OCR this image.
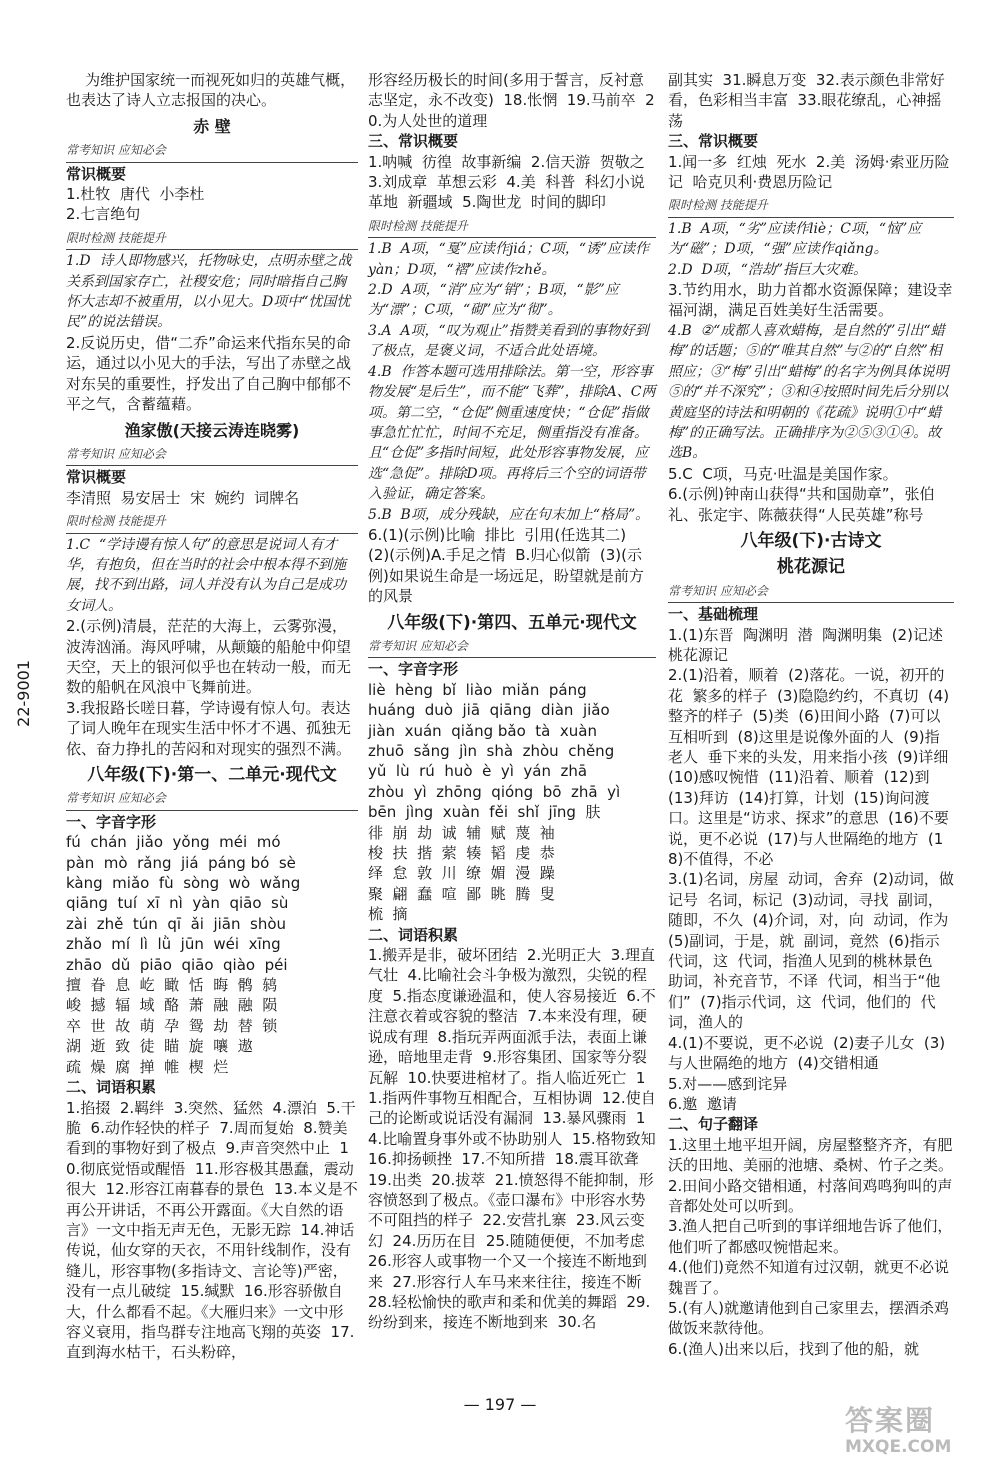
22-9001
为维护国家统一而视死如归的英雄气概，也表达了诗人立志报国的决心。
赤 壁
常考知识 应知必会
常识概要
1.杜牧  唐代  小李杜
2.七言绝句
限时检测 技能提升
1.D  诗人即物感兴，托物咏史，点明赤壁之战关系到国家存亡，社稷安危；同时暗指自己胸怀大志却不被重用，以小见大。D项中“忧国忧民”的说法错误。
2.反说历史，借“二乔”命运来代指东吴的命运，通过以小见大的手法，写出了赤壁之战对东吴的重要性，抒发出了自己胸中郁郁不平之气，含蓄蕴藉。
渔家傲(天接云涛连晓雾)
常考知识 应知必会
常识概要
李清照  易安居士  宋  婉约  词牌名
限时检测 技能提升
1.C  “学诗谩有惊人句”的意思是说词人有才华，有抱负，但在当时的社会中根本得不到施展，找不到出路，词人并没有认为自己是成功女词人。
2.(示例)清晨，茫茫的大海上，云雾弥漫，波涛汹涌。海风呼啸，从颠簸的船舱中仰望天空，天上的银河似乎也在转动一般，而无数的船帆在风浪中飞舞前进。
3.我报路长嗟日暮，学诗谩有惊人句。表达了词人晚年在现实生活中怀才不遇、孤独无依、奋力挣扎的苦闷和对现实的强烈不满。
八年级(下)·第一、二单元·现代文
常考知识 应知必会
一、字音字形
fú  chán  jiǎo  yǒng  méi  mó
pàn  mò  rǎng  jiá  páng bó  sè
kàng  miǎo  fù  sòng  wò  wǎng
qiāng  tuí  xī  nì  yàn  qiāo  sù
zài  zhě  tún  qī  ǎi  jiān  shòu
zhǎo  mí  lì  lǜ  jūn  wéi  xīng
zhāo  dǔ  piāo  qiāo  qiào  péi
擅  眷  息  屹  瞰  恬  晦  鹘  鸫
峻  撼  辐  域  酪  萧  融  融  陨
卒  世  故  萌  孕  鸳  劫  替  锁
湖  逝  致  徒  瞄  旋  嚷  遨
疏  燥  腐  掸  帷  楔  烂
二、词语积累
1.掐掇  2.羁绊  3.突然、猛然  4.漂泊  5.干脆  6.动作轻快的样子  7.周而复始  8.赞美看到的事物好到了极点  9.声音突然中止  10.彻底觉悟或醒悟  11.形容极其愚蠢，震动很大  12.形容江南暮春的景色  13.本义是不再公开讲话，不再公开露面。《大自然的语言》一文中指无声无色，无影无踪  14.神话传说，仙女穿的天衣，不用针线制作，没有缝儿，形容事物(多指诗文、言论等)严密，没有一点儿破绽  15.缄默  16.形容骄傲自大，什么都看不起。《大雁归来》一文中形容义衰用，指鸟群专注地高飞翔的英姿  17.直到海水枯干，石头粉碎，
形容经历极长的时间(多用于誓言，反衬意志坚定，永不改变)  18.怅惘  19.马前卒  20.为人处世的道理
三、常识概要
1.呐喊  彷徨  故事新编  2.信天游  贺敬之  3.刘成章  革想云彩  4.美  科普  科幻小说  革地  新疆域  5.陶世龙  时间的脚印
限时检测 技能提升
1.B  A项，“戛”应读作jiá；C项，“诱”应读作yàn；D项，“褶”应读作zhě。
2.D  A项，“消”应为“销”；B项，“影”应为“漂”；C项，“砌”应为“彻”。
3.A  A项，“叹为观止”指赞美看到的事物好到了极点，是褒义词，不适合此处语境。
4.B  作答本题可选用排除法。第一空，形容事物发展“是后生”，而不能“飞葬”，排除A、C两项。第二空，“仓促”侧重速度快；“仓促”指做事急忙忙忙，时间不充足，侧重指没有准备。且“仓促”多指时间短，此处形容事物发展，应选“急促”。排除D项。再将后三个空的词语带入验证，确定答案。
5.B  B项，成分残缺，应在句末加上“格局”。
6.(1)(示例)比喻  排比  引用(任选其二)  (2)(示例)A.手足之情  B.归心似箭  (3)(示例)如果说生命是一场远足，盼望就是前方的风景
八年级(下)·第四、五单元·现代文
常考知识 应知必会
一、字音字形
liè  hèng  bǐ  liào  miǎn  páng
huáng  duò  jiā  qiāng  diàn  jiǎo
jiàn  xuán  qiǎng bǎo  tà  xuàn
zhuō  sǎng  jìn  shà  zhòu  chěng
yǔ  lù  rú  huò  è  yì  yán  zhā
zhòu  yì  zhōng  qióng  bō  zhā  yì
bēn  jìng  xuàn  fěi  shǐ  jīng  肤
徘  崩  劫  诚  辅  赋  蔑  袖
梭  扶  揩  萦  辏  韬  虔  恭
绎  怠  敦  川  缭  媚  漫  躁
聚  翩  蠢  喧  鄙  眺  腾  叟
梳  摘
二、词语积累
1.搬弄是非，破坏团结  2.光明正大  3.理直气壮  4.比喻社会斗争极为激烈，尖锐的程度  5.指态度谦逊温和，使人容易接近  6.不注意衣着或容貌的整洁  7.本来没有理，硬说成有理  8.指玩弄两面派手法，表面上谦逊，暗地里走背  9.形容集团、国家等分裂瓦解  10.快要进棺材了。指人临近死亡  11.指两件事物互相配合，互相协调  12.使自己的论断或说话没有漏洞  13.暴风骤雨  14.比喻置身事外或不协助别人  15.格物致知  16.抑扬顿挫  17.不知所措  18.震耳欲聋  19.出类  20.拔萃  21.愤怒得不能抑制，形容愤怒到了极点。《壶口瀑布》中形容水势不可阻挡的样子  22.安营扎寨  23.风云变幻  24.历历在目  25.随随便便，不加考虑  26.形容人或事物一个又一个接连不断地到来  27.形容行人车马来来往往，接连不断  28.轻松愉快的歌声和柔和优美的舞蹈  29.纷纷到来，接连不断地到来  30.名
副其实  31.瞬息万变  32.表示颜色非常好看，色彩相当丰富  33.眼花缭乱，心神摇荡
三、常识概要
1.闻一多  红烛  死水  2.美  汤姆·索亚历险记  哈克贝利·费恩历险记
限时检测 技能提升
1.B  A项，“劣”应读作liè；C项，“恼”应为“磁”；D项，“强”应读作qiǎng。
2.D  D项，“浩劫”指巨大灾难。
3.节约用水，助力首都水资源保障；建设幸福河湖，满足百姓美好生活需要。
4.B  ②“成都人喜欢蜡梅，是自然的”引出“蜡梅”的话题；⑤的“唯其自然”与②的“自然”相照应；③“梅”引出“蜡梅”的名字为例具体说明⑤的“并不深究”；③和④按照时间先后分别以黄庭坚的诗法和明朝的《花疏》说明①中“蜡梅”的正确写法。正确排序为②⑤③①④。故选B。
5.C  C项，马克·吐温是美国作家。
6.(示例)钟南山获得“共和国勋章”，张伯礼、张定宇、陈薇获得“人民英雄”称号
八年级(下)·古诗文
桃花源记
常考知识 应知必会
一、基础梳理
1.(1)东晋  陶渊明  潜  陶渊明集  (2)记述  桃花源记
2.(1)沿着，顺着  (2)落花。一说，初开的花  繁多的样子  (3)隐隐约约，不真切  (4)整齐的样子  (5)类  (6)田间小路  (7)可以互相听到  (8)这里是说像外面的人  (9)指老人  垂下来的头发，用来指小孩  (9)详细  (10)感叹惋惜  (11)沿着、顺着  (12)到  (13)拜访  (14)打算，计划  (15)询问渡口。这里是“访求、探求”的意思  (16)不要说，更不必说  (17)与人世隔绝的地方  (18)不值得，不必
3.(1)名词，房屋  动词，舍弃  (2)动词，做记号  名词，标记  (3)动词，寻找  副词，随即，不久  (4)介词，对，向  动词，作为  (5)副词，于是，就  副词，竟然  (6)指示代词，这  代词，指渔人见到的桃林景色  助词，补充音节，不译  代词，相当于“他们”  (7)指示代词，这  代词，他们的  代词，渔人的
4.(1)不要说，更不必说  (2)妻子儿女  (3)与人世隔绝的地方  (4)交错相通
5.对——感到诧异
6.邀  邀请
二、句子翻译
1.这里土地平坦开阔，房屋整整齐齐，有肥沃的田地、美丽的池塘、桑树、竹子之类。
2.田间小路交错相通，村落间鸡鸣狗叫的声音都处处可以听到。
3.渔人把自己听到的事详细地告诉了他们，他们听了都感叹惋惜起来。
4.(他们)竟然不知道有过汉朝，就更不必说魏晋了。
5.(有人)就邀请他到自己家里去，摆酒杀鸡做饭来款待他。
6.(渔人)出来以后，找到了他的船，就
— 197 —	答案圈
MXQE.COM
